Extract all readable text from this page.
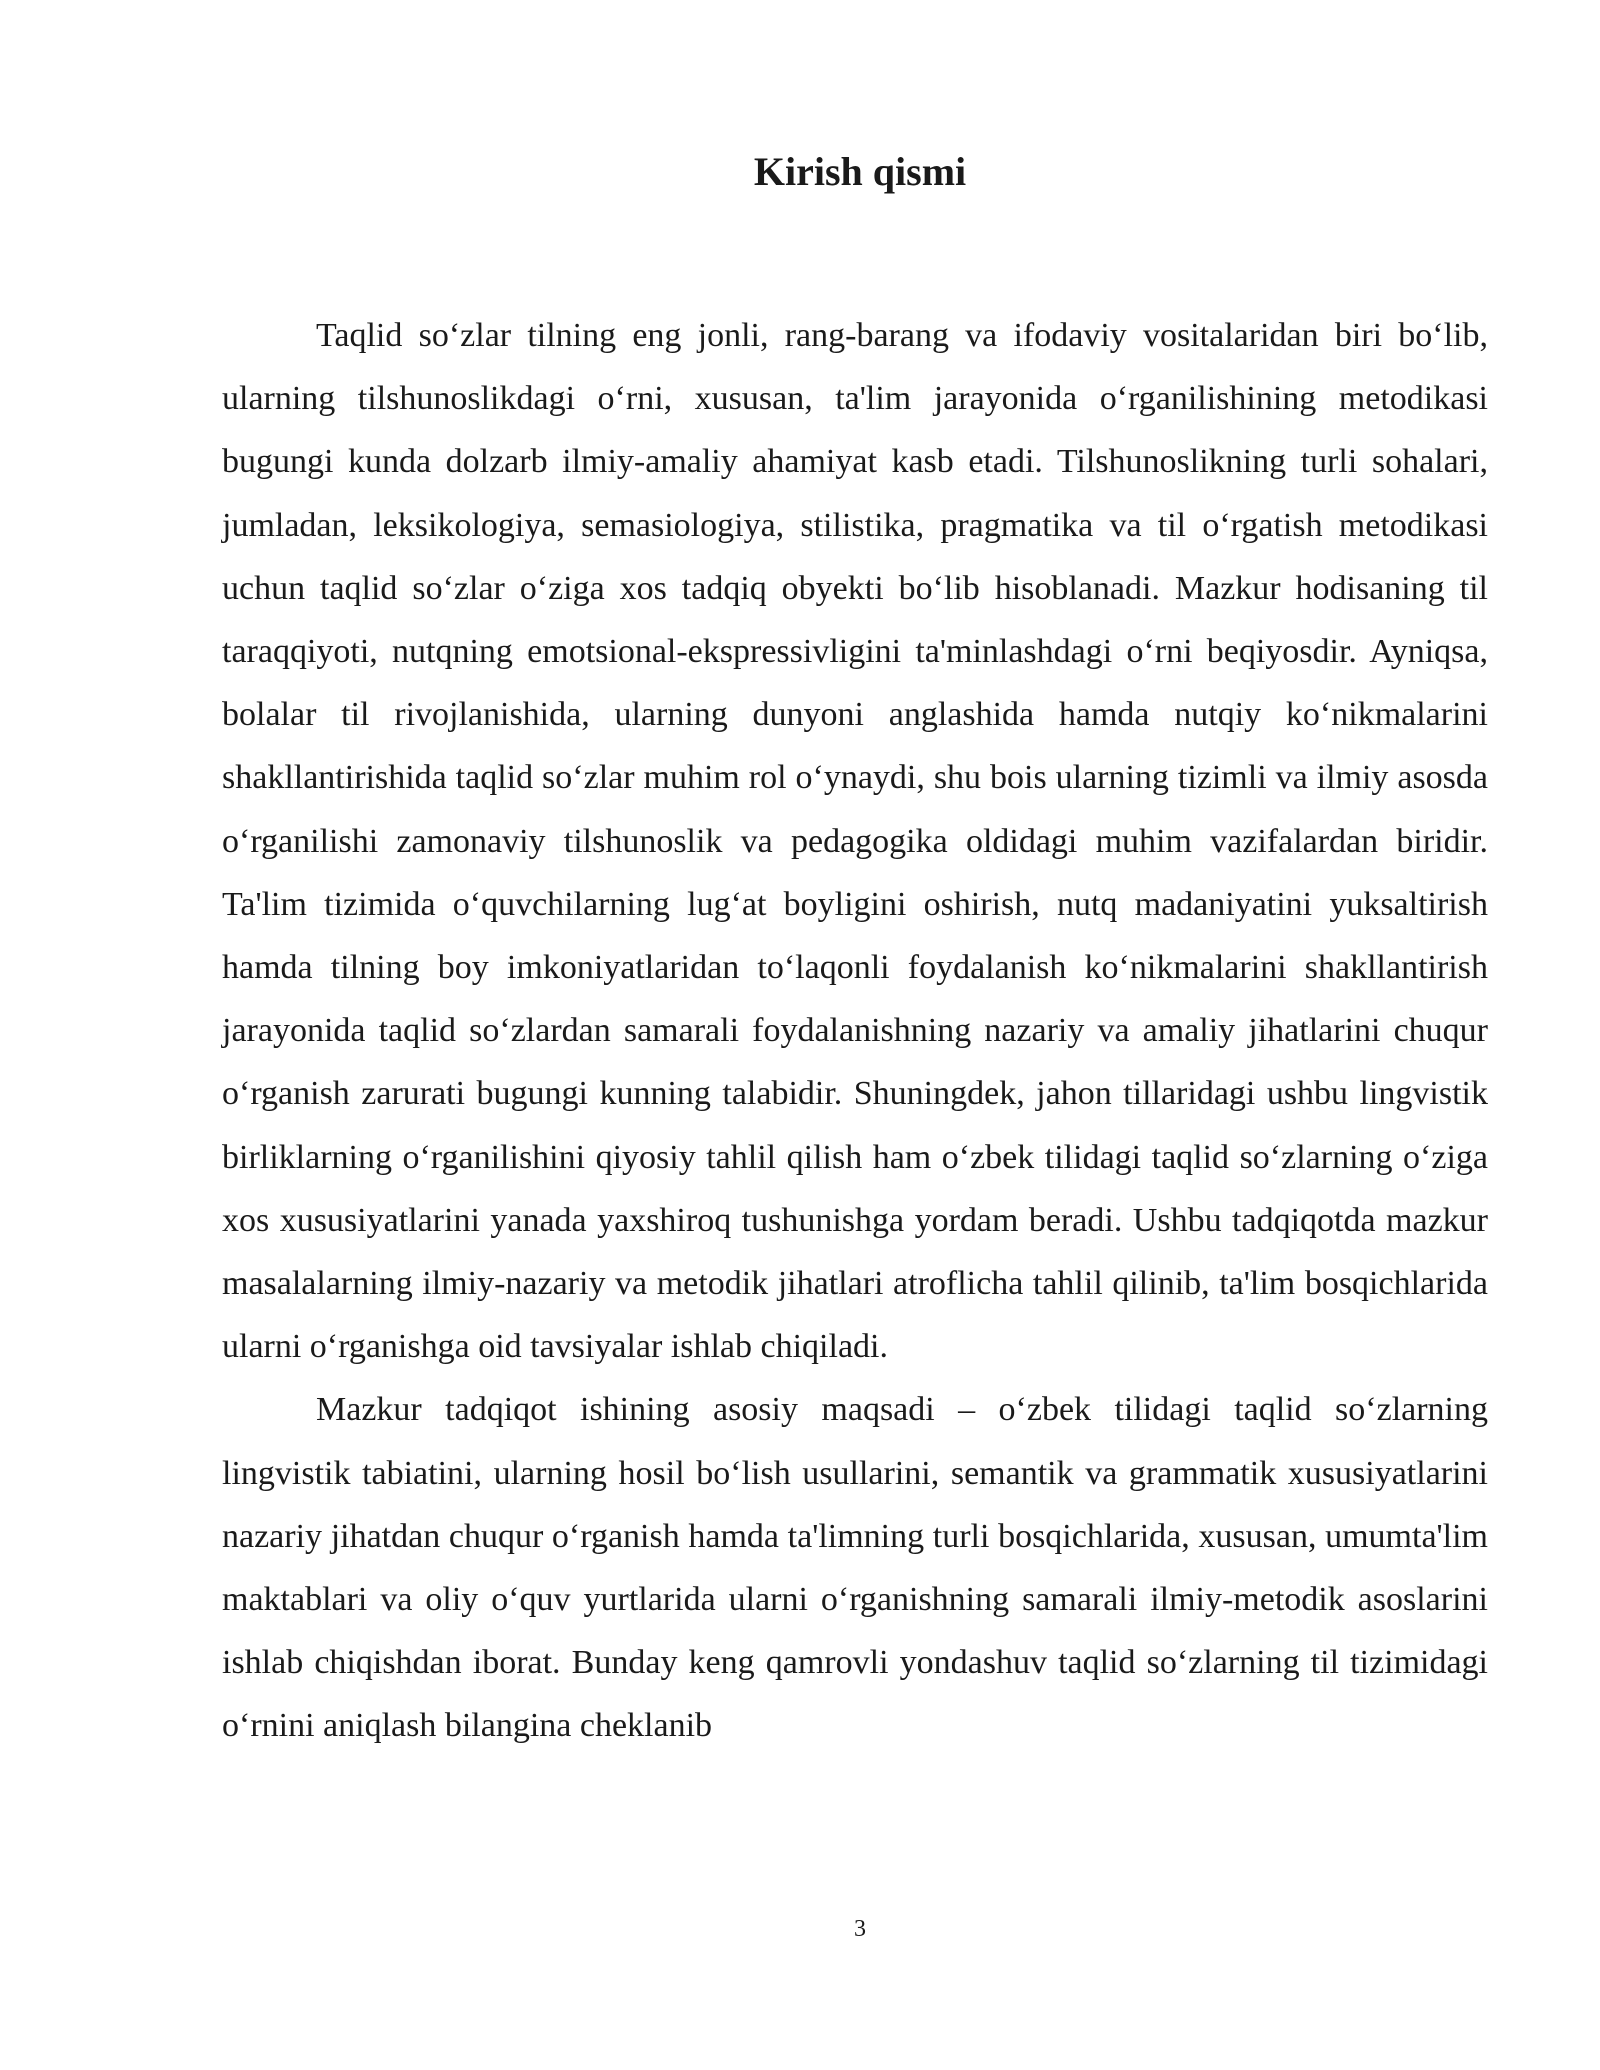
Kirish qismi

Taqlid so‘zlar tilning eng jonli, rang-barang va ifodaviy vositalaridan biri bo‘lib, ularning tilshunoslikdagi o‘rni, xususan, ta'lim jarayonida o‘rganilishining metodikasi bugungi kunda dolzarb ilmiy-amaliy ahamiyat kasb etadi. Tilshunoslikning turli sohalari, jumladan, leksikologiya, semasiologiya, stilistika, pragmatika va til o‘rgatish metodikasi uchun taqlid so‘zlar o‘ziga xos tadqiq obyekti bo‘lib hisoblanadi. Mazkur hodisaning til taraqqiyoti, nutqning emotsional-ekspressivligini ta'minlashdagi o‘rni beqiyosdir. Ayniqsa, bolalar til rivojlanishida, ularning dunyoni anglashida hamda nutqiy ko‘nikmalarini shakllantirishida taqlid so‘zlar muhim rol o‘ynaydi, shu bois ularning tizimli va ilmiy asosda o‘rganilishi zamonaviy tilshunoslik va pedagogika oldidagi muhim vazifalardan biridir. Ta'lim tizimida o‘quvchilarning lug‘at boyligini oshirish, nutq madaniyatini yuksaltirish hamda tilning boy imkoniyatlaridan to‘laqonli foydalanish ko‘nikmalarini shakllantirish jarayonida taqlid so‘zlardan samarali foydalanishning nazariy va amaliy jihatlarini chuqur o‘rganish zarurati bugungi kunning talabidir. Shuningdek, jahon tillaridagi ushbu lingvistik birliklarning o‘rganilishini qiyosiy tahlil qilish ham o‘zbek tilidagi taqlid so‘zlarning o‘ziga xos xususiyatlarini yanada yaxshiroq tushunishga yordam beradi. Ushbu tadqiqotda mazkur masalalarning ilmiy-nazariy va metodik jihatlari atroflicha tahlil qilinib, ta'lim bosqichlarida ularni o‘rganishga oid tavsiyalar ishlab chiqiladi.

Mazkur tadqiqot ishining asosiy maqsadi – o‘zbek tilidagi taqlid so‘zlarning lingvistik tabiatini, ularning hosil bo‘lish usullarini, semantik va grammatik xususiyatlarini nazariy jihatdan chuqur o‘rganish hamda ta'limning turli bosqichlarida, xususan, umumta'lim maktablari va oliy o‘quv yurtlarida ularni o‘rganishning samarali ilmiy-metodik asoslarini ishlab chiqishdan iborat. Bunday keng qamrovli yondashuv taqlid so‘zlarning til tizimidagi o‘rnini aniqlash bilangina cheklanib

3
